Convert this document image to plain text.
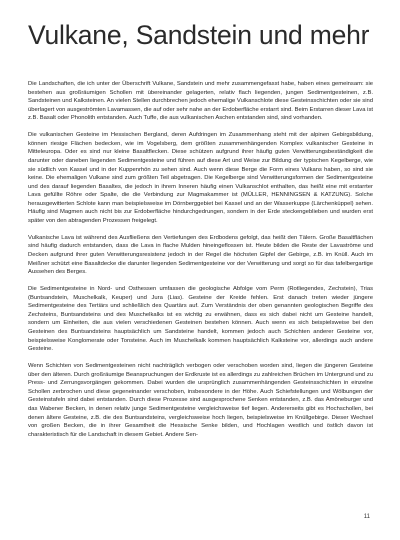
Vulkane, Sandstein und mehr

Die Landschaften, die ich unter der Überschrift Vulkane, Sandstein und mehr zusammengefasst habe, haben eines gemeinsam: sie bestehen aus großräumigen Schollen mit übereinander gelagerten, relativ flach liegenden, jungen Sedimentgesteinen, z.B. Sandsteinen und Kalksteinen. An vielen Stellen durchbrechen jedoch ehemalige Vulkanschlote diese Gesteinsschichten oder sie sind überlagert von ausgeströmten Lavamassen, die auf oder sehr nahe an der Erdoberfläche erstarrt sind. Beim Erstarren dieser Lava ist z.B. Basalt oder Phonolith entstanden. Auch Tuffe, die aus vulkanischen Aschen entstanden sind, sind vorhanden.

Die vulkanischen Gesteine im Hessischen Bergland, deren Aufdringen im Zusammenhang steht mit der alpinen Gebirgsbildung, können riesige Flächen bedecken, wie im Vogelsberg, dem größten zusammenhängenden Komplex vulkanischer Gesteine in Mitteleuropa. Oder es sind nur kleine Basaltflecken. Diese schützen aufgrund ihrer häufig guten Verwitterungsbeständigkeit die darunter oder daneben liegenden Sedimentgesteine und führen auf diese Art und Weise zur Bildung der typischen Kegelberge, wie sie südlich von Kassel und in der Kuppenrhön zu sehen sind. Auch wenn diese Berge die Form eines Vulkans haben, so sind sie keine. Die ehemaligen Vulkane sind zum größten Teil abgetragen. Die Kegelberge sind Verwitterungsformen der Sedimentgesteine und des darauf liegenden Basaltes, die jedoch in ihrem Inneren häufig einen Vulkanschlot enthalten, das heißt eine mit erstarrter Lava gefüllte Röhre oder Spalte, die die Verbindung zur Magmakammer ist (MÜLLER, HENNINGSEN & KATZUNG). Solche herausgewitterten Schlote kann man beispielsweise im Dörnberggebiet bei Kassel und an der Wasserkuppe (Lärchenküppel) sehen. Häufig sind Magmen auch nicht bis zur Erdoberfläche hindurchgedrungen, sondern in der Erde steckengeblieben und wurden erst später von den abtragenden Prozessen freigelegt.

Vulkanische Lava ist während des Ausfließens den Vertiefungen des Erdbodens gefolgt, das heißt den Tälern. Große Basaltflächen sind häufig dadurch entstanden, dass die Lava in flache Mulden hineingeflossen ist. Heute bilden die Reste der Lavaströme und Decken aufgrund ihrer guten Verwitterungsresistenz jedoch in der Regel die höchsten Gipfel der Gebirge, z.B. im Knüll. Auch im Meißner schützt eine Basaltdecke die darunter liegenden Sedimentgesteine vor der Verwitterung und sorgt so für das tafelbergartige Aussehen des Berges.

Die Sedimentgesteine in Nord- und Osthessen umfassen die geologische Abfolge vom Perm (Rotliegendes, Zechstein), Trias (Buntsandstein, Muschelkalk, Keuper) und Jura (Lias). Gesteine der Kreide fehlen. Erst danach treten wieder jüngere Sedimentgesteine des Tertiärs und schließlich des Quartärs auf. Zum Verständnis der oben genannten geologischen Begriffe des Zechsteins, Buntsandsteins und des Muschelkalks ist es wichtig zu erwähnen, dass es sich dabei nicht um Gesteine handelt, sondern um Einheiten, die aus vielen verschiedenen Gesteinen bestehen können. Auch wenn es sich beispielsweise bei den Gesteinen des Buntsandsteins hauptsächlich um Sandsteine handelt, kommen jedoch auch Schichten anderer Gesteine vor, beispielsweise Konglomerate oder Tonsteine. Auch im Muschelkalk kommen hauptsächlich Kalksteine vor, allerdings auch andere Gesteine.

Wenn Schichten von Sedimentgesteinen nicht nachträglich verbogen oder verschoben worden sind, liegen die jüngeren Gesteine über den älteren. Durch großräumige Beanspruchungen der Erdkruste ist es allerdings zu zahlreichen Brüchen im Untergrund und zu Press- und Zerrungsvorgängen gekommen. Dabei wurden die ursprünglich zusammenhängenden Gesteinsschichten in einzelne Schollen zerbrochen und diese gegeneinander verschoben, insbesondere in der Höhe. Auch Schiefstellungen und Wölbungen der Gesteinstafeln sind dabei entstanden. Durch diese Prozesse sind ausgesprochene Senken entstanden, z.B. das Amöneburger und das Wabener Becken, in denen relativ junge Sedimentgesteine vergleichsweise tief liegen. Andererseits gibt es Hochschollen, bei denen ältere Gesteine, z.B. die des Buntsandsteins, vergleichsweise hoch liegen, beispielsweise im Knüllgebirge. Dieser Wechsel von großen Becken, die in ihrer Gesamtheit die Hessische Senke bilden, und Hochlagen westlich und östlich davon ist charakteristisch für die Landschaft in diesem Gebiet. Andere Sen-

11
